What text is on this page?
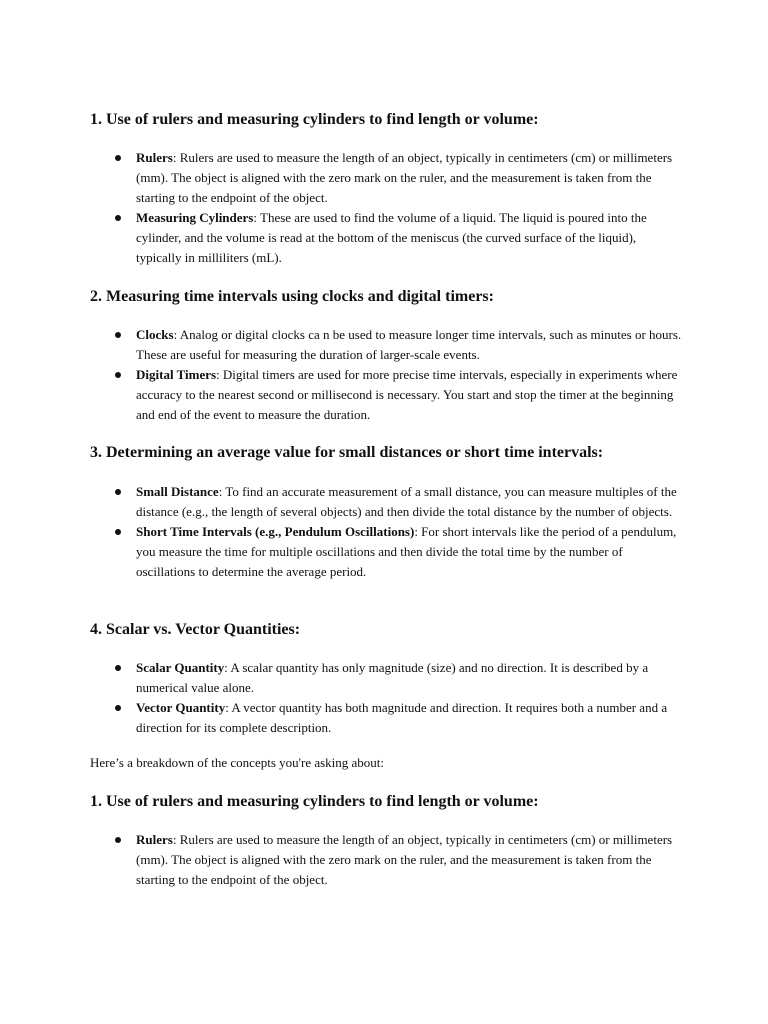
1. Use of rulers and measuring cylinders to find length or volume:
Rulers: Rulers are used to measure the length of an object, typically in centimeters (cm) or millimeters (mm). The object is aligned with the zero mark on the ruler, and the measurement is taken from the starting to the endpoint of the object.
Measuring Cylinders: These are used to find the volume of a liquid. The liquid is poured into the cylinder, and the volume is read at the bottom of the meniscus (the curved surface of the liquid), typically in milliliters (mL).
2. Measuring time intervals using clocks and digital timers:
Clocks: Analog or digital clocks ca n be used to measure longer time intervals, such as minutes or hours. These are useful for measuring the duration of larger-scale events.
Digital Timers: Digital timers are used for more precise time intervals, especially in experiments where accuracy to the nearest second or millisecond is necessary. You start and stop the timer at the beginning and end of the event to measure the duration.
3. Determining an average value for small distances or short time intervals:
Small Distance: To find an accurate measurement of a small distance, you can measure multiples of the distance (e.g., the length of several objects) and then divide the total distance by the number of objects.
Short Time Intervals (e.g., Pendulum Oscillations): For short intervals like the period of a pendulum, you measure the time for multiple oscillations and then divide the total time by the number of oscillations to determine the average period.
4. Scalar vs. Vector Quantities:
Scalar Quantity: A scalar quantity has only magnitude (size) and no direction. It is described by a numerical value alone.
Vector Quantity: A vector quantity has both magnitude and direction. It requires both a number and a direction for its complete description.

Here’s a breakdown of the concepts you're asking about:

1. Use of rulers and measuring cylinders to find length or volume:
Rulers: Rulers are used to measure the length of an object, typically in centimeters (cm) or millimeters (mm). The object is aligned with the zero mark on the ruler, and the measurement is taken from the starting to the endpoint of the object.
